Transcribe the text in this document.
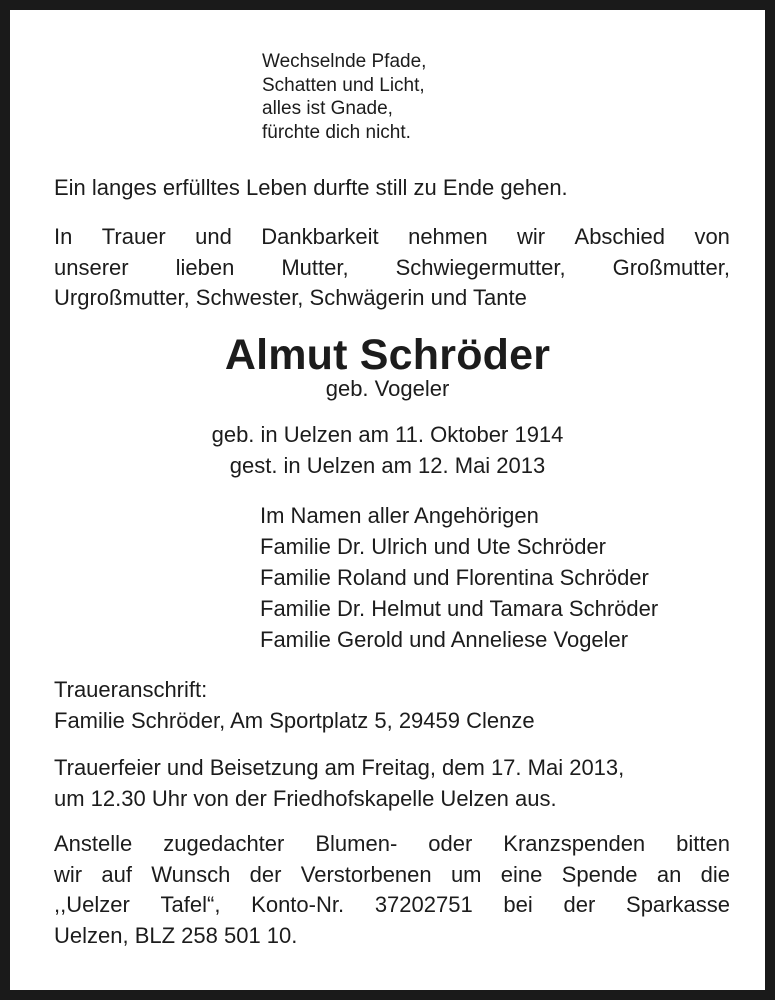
Wechselnde Pfade,
Schatten und Licht,
alles ist Gnade,
fürchte dich nicht.
Ein langes erfülltes Leben durfte still zu Ende gehen.
In Trauer und Dankbarkeit nehmen wir Abschied von
unserer lieben Mutter, Schwiegermutter, Großmutter,
Urgroßmutter, Schwester, Schwägerin und Tante
Almut Schröder
geb. Vogeler
geb. in Uelzen am 11. Oktober 1914
gest. in Uelzen am 12. Mai 2013
Im Namen aller Angehörigen
Familie Dr. Ulrich und Ute Schröder
Familie Roland und Florentina Schröder
Familie Dr. Helmut und Tamara Schröder
Familie Gerold und Anneliese Vogeler
Traueranschrift:
Familie Schröder, Am Sportplatz 5, 29459 Clenze
Trauerfeier und Beisetzung am Freitag, dem 17. Mai 2013,
um 12.30 Uhr von der Friedhofskapelle Uelzen aus.
Anstelle zugedachter Blumen- oder Kranzspenden bitten
wir auf Wunsch der Verstorbenen um eine Spende an die
,,Uelzer Tafel“, Konto-Nr. 37202751 bei der Sparkasse
Uelzen, BLZ 258 501 10.
